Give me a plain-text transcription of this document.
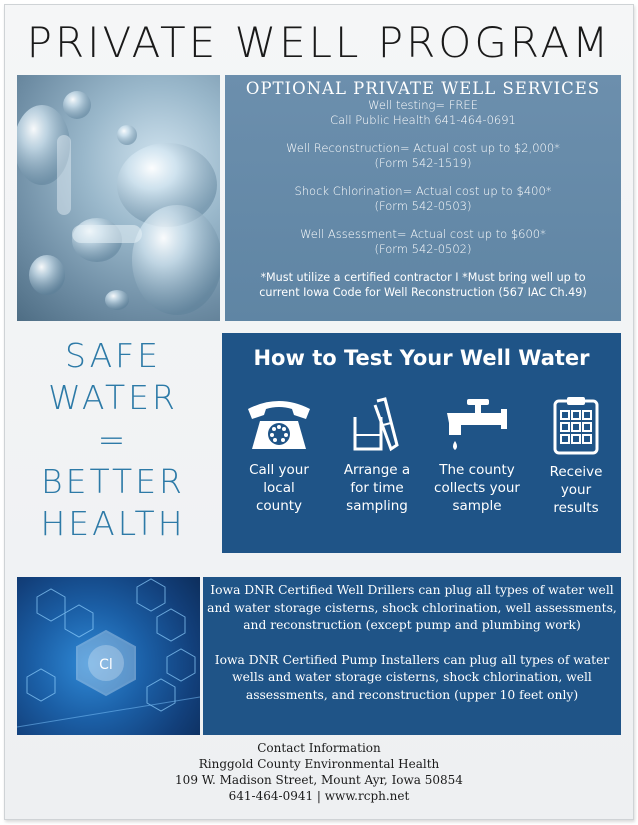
PRIVATE WELL PROGRAM
OPTIONAL PRIVATE WELL SERVICES
Well testing= FREE
Call Public Health 641-464-0691
Well Reconstruction= Actual cost up to $2,000*
(Form 542-1519)
Shock Chlorination= Actual cost up to $400*
(Form 542-0503)
Well Assessment= Actual cost up to $600*
(Form 542-0502)
*Must utilize a certified contractor I *Must bring well up to
current Iowa Code for Well Reconstruction (567 IAC Ch.49)
SAFE
WATER
=
BETTER
HEALTH
How to Test Your Well Water
Call your
local
county
Arrange a
for time
sampling
The county
collects your
sample
Receive
your
results
Cl

Iowa DNR Certified Well Drillers can plug all types of water well and water storage cisterns, shock chlorination, well assessments, and reconstruction (except pump and plumbing work)

Iowa DNR Certified Pump Installers can plug all types of water wells and water storage cisterns, shock chlorination, well assessments, and reconstruction (upper 10 feet only)

Contact Information
Ringgold County Environmental Health
109 W. Madison Street, Mount Ayr, Iowa 50854
641-464-0941 | www.rcph.net
